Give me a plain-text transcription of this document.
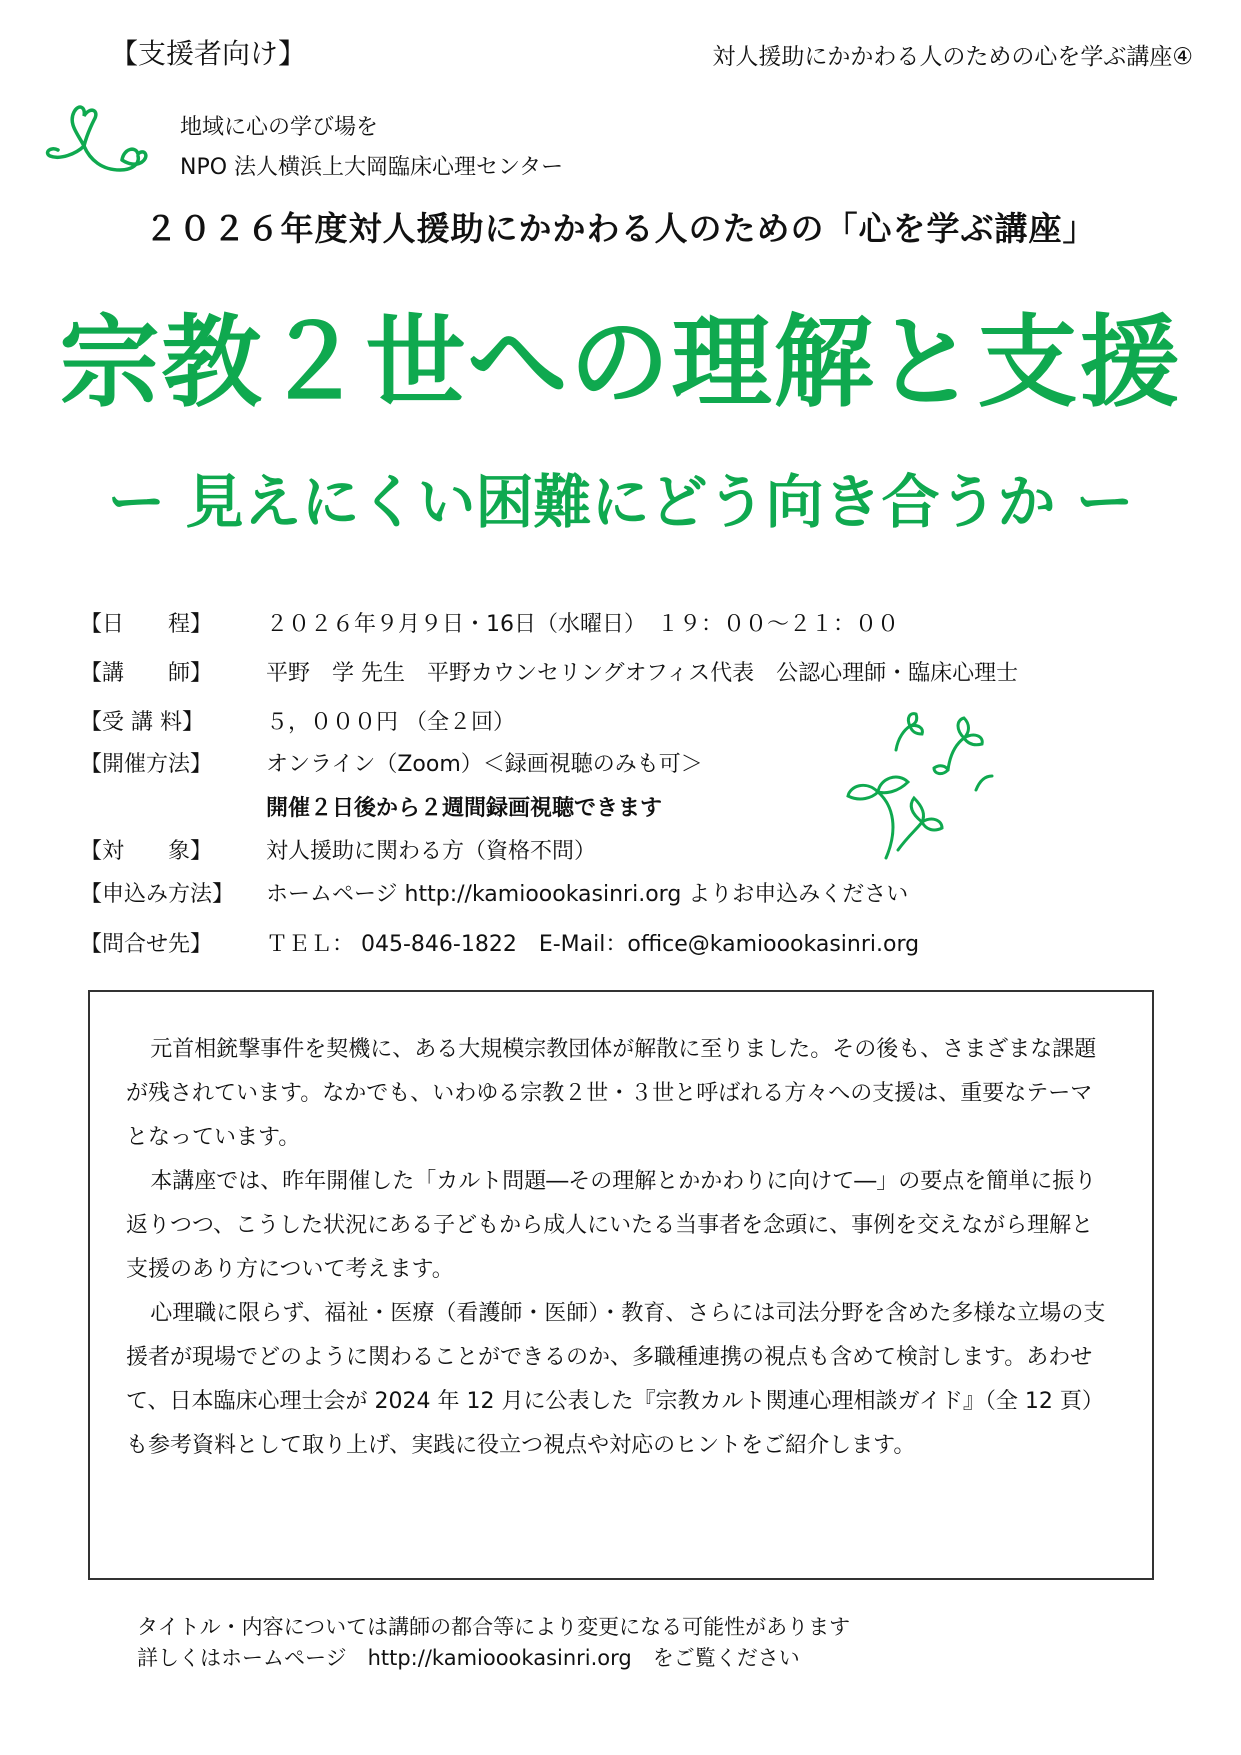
【支援者向け】	対人援助にかかわる人のための心を学ぶ講座④
地域に心の学び場を
NPO 法人横浜上大岡臨床心理センター
２０２６年度対人援助にかかわる人のための「心を学ぶ講座」
宗教２世への理解と支援
ー 見えにくい困難にどう向き合うか ー
【日　　程】	２０２６年９月９日・16日（水曜日）　１９：００〜２１：００
【講　　師】	平野　学 先生　平野カウンセリングオフィス代表　公認心理師・臨床心理士
【受 講 料】	５，０００円 （全２回）
【開催方法】	オンライン（Zoom）＜録画視聴のみも可＞
開催２日後から２週間録画視聴できます
【対　　象】	対人援助に関わる方（資格不問）
【申込み方法】	ホームページ http://kamioookasinri.org よりお申込みください
【問合せ先】	ＴＥＬ： 045-846-1822　E-Mail：office@kamioookasinri.org

元首相銃撃事件を契機に、ある大規模宗教団体が解散に至りました。その後も、さまざまな課題が残されています。なかでも、いわゆる宗教２世・３世と呼ばれる方々への支援は、重要なテーマとなっています。

本講座では、昨年開催した「カルト問題―その理解とかかわりに向けて―」の要点を簡単に振り返りつつ、こうした状況にある子どもから成人にいたる当事者を念頭に、事例を交えながら理解と支援のあり方について考えます。

心理職に限らず、福祉・医療（看護師・医師）・教育、さらには司法分野を含めた多様な立場の支援者が現場でどのように関わることができるのか、多職種連携の視点も含めて検討します。あわせて、日本臨床心理士会が 2024 年 12 月に公表した『宗教カルト関連心理相談ガイド』（全 12 頁）も参考資料として取り上げ、実践に役立つ視点や対応のヒントをご紹介します。

タイトル・内容については講師の都合等により変更になる可能性があります
詳しくはホームページ　http://kamioookasinri.org　をご覧ください
